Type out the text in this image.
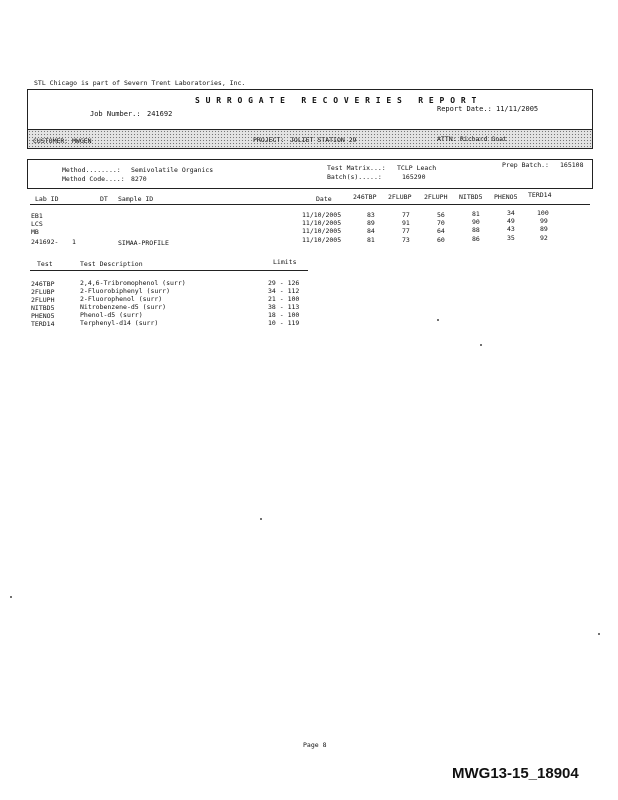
STL Chicago is part of Severn Trent Laboratories, Inc.
S U R R O G A T E   R E C O V E R I E S   R E P O R T
Job Number.: 241692
Report Date.: 11/11/2005
CUSTOMER: MWGEN	PROJECT: JOLIET STATION 29	ATTN: Richard Gnat
Method........: Semivolatile Organics
Method Code....: 8270
Test Matrix...: TCLP Leach
Batch(s).....:	165290
Prep Batch.: 165108
Lab ID	DT Sample ID	Date	246TBP 2FLUBP 2FLUPH NITBD5 PHENO5 TERD14
EB1	11/10/2005	83	77	56	81	34	100
LCS	11/10/2005	89	91	70	90	49	99
MB	11/10/2005	84	77	64	88	43	89
241692- 1	SIMAA-PROFILE	11/10/2005	81	73	60	86	35	92
Test	Test Description	Limits
246TBP	2,4,6-Tribromophenol (surr)	29 - 126
2FLUBP	2-Fluorobiphenyl (surr)	34 - 112
2FLUPH	2-Fluorophenol (surr)	21 - 100
NITBD5	Nitrobenzene-d5 (surr)	38 - 113
PHENO5	Phenol-d5 (surr)	18 - 100
TERD14	Terphenyl-d14 (surr)	10 - 119
Page 8
MWG13-15_18904
